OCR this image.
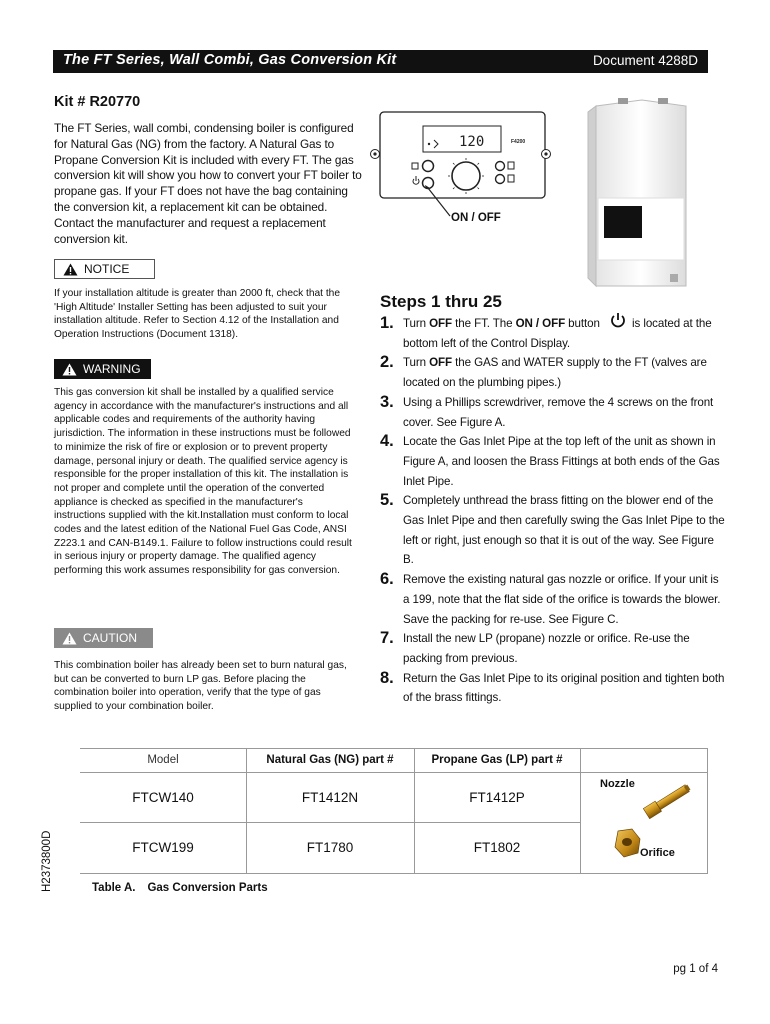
The FT Series, Wall Combi, Gas Conversion Kit	Document 4288D
Kit # R20770

The FT Series, wall combi, condensing boiler is configured for Natural Gas (NG) from the factory. A Natural Gas to Propane Conversion Kit is included with every FT. The gas conversion kit will show you how to convert your FT boiler to propane gas. If your FT does not have the bag containing the conversion kit, a replacement kit can be obtained. Contact the manufacturer and request a replacement conversion kit.

NOTICE

If your installation altitude is greater than 2000 ft, check that the 'High Altitude' Installer Setting has been adjusted to suit your installation altitude. Refer to Section 4.12 of the Installation and Operation Instructions (Document 1318).

WARNING

This gas conversion kit shall be installed by a qualified service agency in accordance with the manufacturer's instructions and all applicable codes and requirements of the authority having jurisdiction. The information in these instructions must be followed to minimize the risk of fire or explosion or to prevent property damage, personal injury or death. The qualified service agency is responsible for the proper installation of this kit. The installation is not proper and complete until the operation of the converted appliance is checked as specified in the manufacturer's instructions supplied with the kit.Installation must conform to local codes and the latest edition of the National Fuel Gas Code, ANSI Z223.1 and CAN-B149.1. Failure to follow instructions could result in serious injury or property damage. The qualified agency performing this work assumes responsibility for gas conversion.

CAUTION

This combination boiler has already been set to burn natural gas, but can be converted to burn LP gas. Before placing the combination boiler into operation, verify that the type of gas supplied to your combination boiler.

120	F4200
ON / OFF
Steps 1 thru 25
1. Turn OFF the FT. The ON / OFF button	is located at the bottom left of the Control Display.
2. Turn OFF the GAS and WATER supply to the FT (valves are located on the plumbing pipes.)
3. Using a Phillips screwdriver, remove the 4 screws on the front cover. See Figure A.
4. Locate the Gas Inlet Pipe at the top left of the unit as shown in Figure A, and loosen the Brass Fittings at both ends of the Gas Inlet Pipe.
5. Completely unthread the brass fitting on the blower end of the Gas Inlet Pipe and then carefully swing the Gas Inlet Pipe to the left or right, just enough so that it is out of the way. See Figure B.
6. Remove the existing natural gas nozzle or orifice. If your unit is a 199, note that the flat side of the orifice is towards the blower. Save the packing for re-use. See Figure C.
7. Install the new LP (propane) nozzle or orifice. Re-use the packing from previous.
8. Return the Gas Inlet Pipe to its original position and tighten both of the brass fittings.
Model	Natural Gas (NG) part #	Propane Gas (LP) part #
FTCW140	FT1412N	FT1412P
FTCW199	FT1780	FT1802
Nozzle
Orifice
H2373800D	Table A. Gas Conversion Parts
pg 1 of 4
